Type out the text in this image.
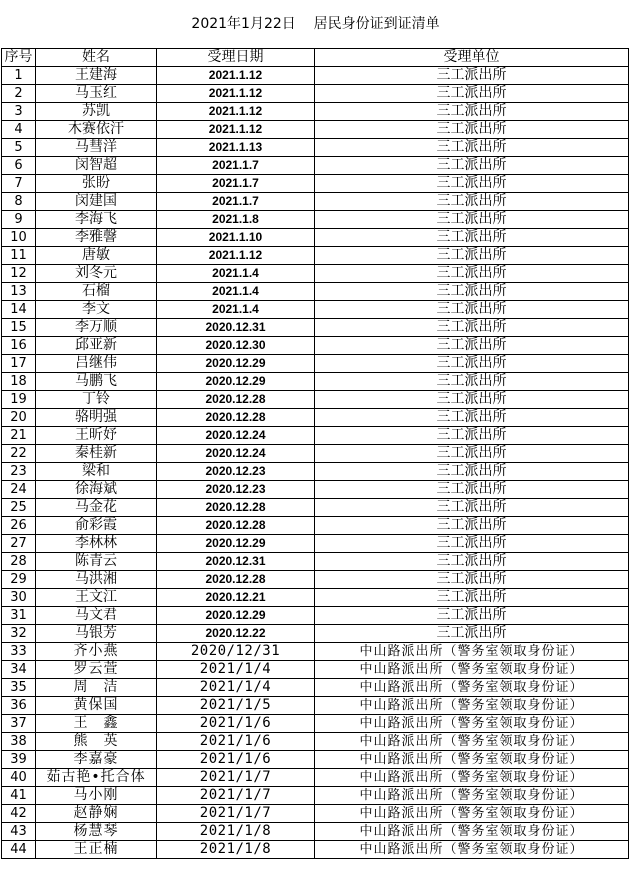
2021年1月22日    居民身份证到证清单
序号	姓名	受理日期	受理单位
1	王建海	2021.1.12	三工派出所
2	马玉红	2021.1.12	三工派出所
3	苏凯	2021.1.12	三工派出所
4	木赛依汗	2021.1.12	三工派出所
5	马彗洋	2021.1.13	三工派出所
6	闵智超	2021.1.7	三工派出所
7	张盼	2021.1.7	三工派出所
8	闵建国	2021.1.7	三工派出所
9	李海飞	2021.1.8	三工派出所
10	李雅韾	2021.1.10	三工派出所
11	唐敏	2021.1.12	三工派出所
12	刘冬元	2021.1.4	三工派出所
13	石榴	2021.1.4	三工派出所
14	李文	2021.1.4	三工派出所
15	李万顺	2020.12.31	三工派出所
16	邱亚新	2020.12.30	三工派出所
17	吕继伟	2020.12.29	三工派出所
18	马鹏飞	2020.12.29	三工派出所
19	丁铃	2020.12.28	三工派出所
20	骆明强	2020.12.28	三工派出所
21	王昕妤	2020.12.24	三工派出所
22	秦桂新	2020.12.24	三工派出所
23	梁和	2020.12.23	三工派出所
24	徐海斌	2020.12.23	三工派出所
25	马金花	2020.12.28	三工派出所
26	俞彩霞	2020.12.28	三工派出所
27	李林林	2020.12.29	三工派出所
28	陈青云	2020.12.31	三工派出所
29	马洪湘	2020.12.28	三工派出所
30	王文江	2020.12.21	三工派出所
31	马文君	2020.12.29	三工派出所
32	马银芳	2020.12.22	三工派出所
33	齐小燕	2020/12/31	中山路派出所（警务室领取身份证）
34	罗云萱	2021/1/4	中山路派出所（警务室领取身份证）
35	周　洁	2021/1/4	中山路派出所（警务室领取身份证）
36	黄保国	2021/1/5	中山路派出所（警务室领取身份证）
37	王　鑫	2021/1/6	中山路派出所（警务室领取身份证）
38	熊　英	2021/1/6	中山路派出所（警务室领取身份证）
39	李嘉豪	2021/1/6	中山路派出所（警务室领取身份证）
40	茹古艳•托合体	2021/1/7	中山路派出所（警务室领取身份证）
41	马小刚	2021/1/7	中山路派出所（警务室领取身份证）
42	赵静娴	2021/1/7	中山路派出所（警务室领取身份证）
43	杨慧琴	2021/1/8	中山路派出所（警务室领取身份证）
44	王正楠	2021/1/8	中山路派出所（警务室领取身份证）
